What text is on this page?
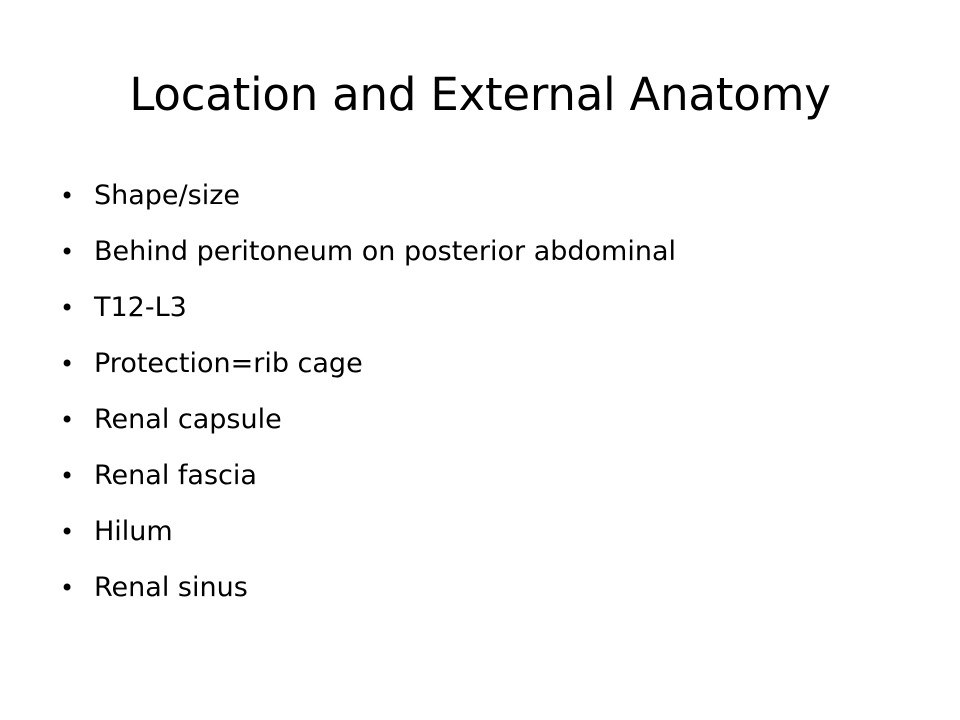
Location and External Anatomy
• Shape/size
• Behind peritoneum on posterior abdominal
• T12-L3
• Protection=rib cage
• Renal capsule
• Renal fascia
• Hilum
• Renal sinus
